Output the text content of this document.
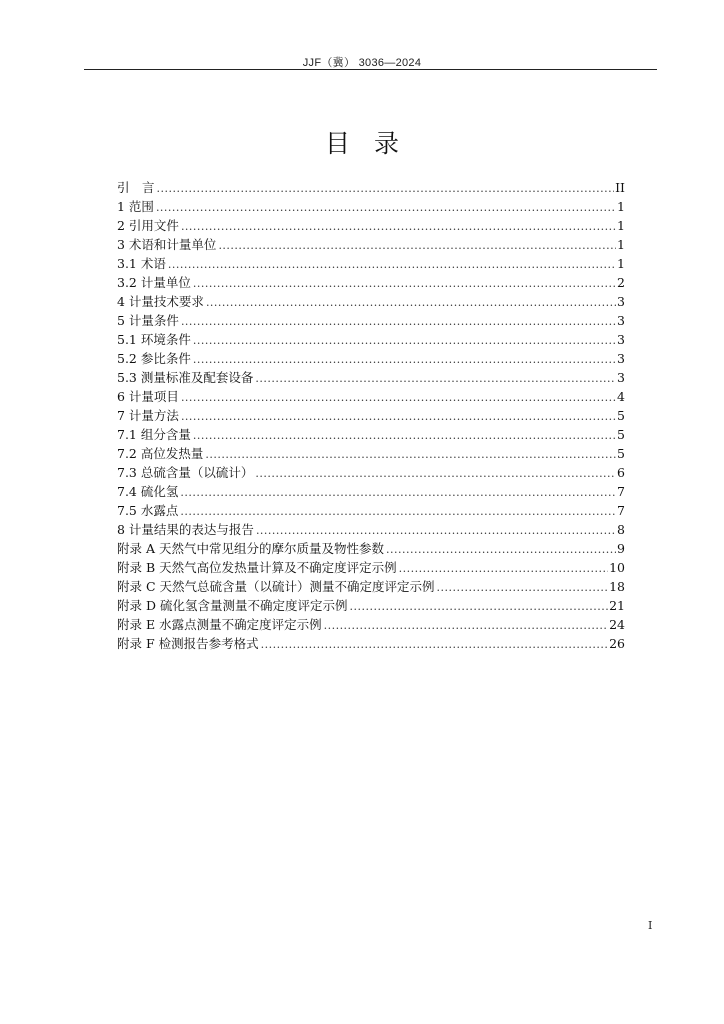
JJF（冀） 3036—2024
目录
引　言 .....	II
1 范围 .....	1
2 引用文件 .....	1
3 术语和计量单位 .....	1
3.1 术语 .....	1
3.2 计量单位 .....	2
4 计量技术要求 .....	3
5 计量条件 .....	3
5.1 环境条件 .....	3
5.2 参比条件 .....	3
5.3 测量标准及配套设备 .....	3
6 计量项目 .....	4
7 计量方法 .....	5
7.1 组分含量 .....	5
7.2 高位发热量 .....	5
7.3 总硫含量（以硫计） .....	6
7.4 硫化氢 .....	7
7.5 水露点 .....	7
8 计量结果的表达与报告 .....	8
附录 A 天然气中常见组分的摩尔质量及物性参数 .....	9
附录 B 天然气高位发热量计算及不确定度评定示例 .....	10
附录 C 天然气总硫含量（以硫计）测量不确定度评定示例 .....	18
附录 D 硫化氢含量测量不确定度评定示例 .....	21
附录 E 水露点测量不确定度评定示例 .....	24
附录 F 检测报告参考格式 .....	26
I
